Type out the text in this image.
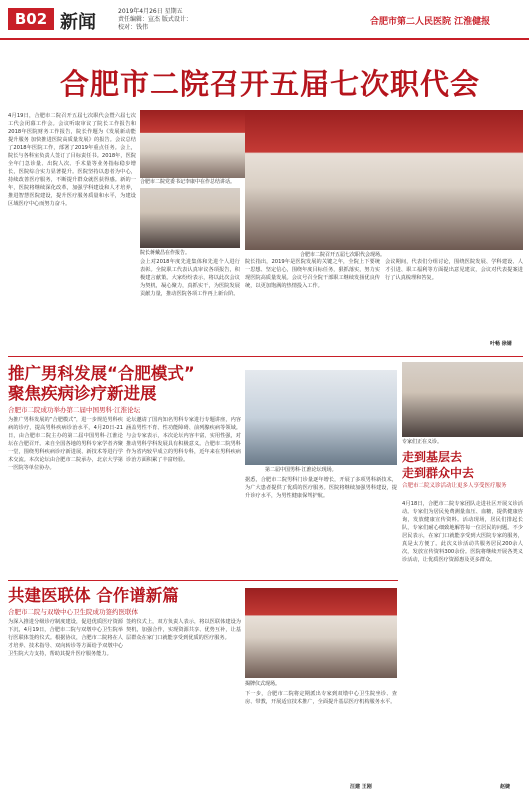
B02 新闻
2019年4月26日 星期五
责任编辑：宣杰 版式设计：
校对：钱伟
合肥市第二人民医院 江淮健报
合肥市二院召开五届七次职代会
4月19日，合肥市二院召开五届七次职代会暨六届七次工代会闭幕工作会。会议听取审议了院长工作报告和2018年医院财务工作报告，院长作题为《发展新动能 提升服务 加快推进医院高质量发展》的报告。会议总结了2018年医院工作，部署了2019年重点任务。会上，院长与各科室负责人签订了目标责任书。2018年，医院全年门急诊量、出院人次、手术量等业务指标稳步增长，医院综合实力显著提升。医院坚持以患者为中心，持续改善医疗服务，不断提升群众就医获得感。新的一年，医院将继续深化改革，加强学科建设和人才培养，推进智慧医院建设，提升医疗服务质量和水平，为建设区域医疗中心而努力奋斗。
合肥市二院党委书记李康中在作总结讲话。
院长蒋戴昌在作报告。	合肥市二院召开五届七次职代会现场。
会上对2018年度先进集体和先进个人进行表彰。全院职工代表认真审议各项报告，积极建言献策。大家纷纷表示，将以此次会议为契机，凝心聚力，真抓实干，为医院发展贡献力量，推动医院各项工作再上新台阶。
院长指出，2019年是医院发展的关键之年，全院上下要统一思想、坚定信心，围绕年度目标任务，狠抓落实，努力实现医院高质量发展。会议号召全院干部职工继续发扬优良传统，以更加饱满的热情投入工作。
会议期间，代表们分组讨论，围绕医院发展、学科建设、人才引进、职工福利等方面提出意见建议，会议对代表提案进行了认真梳理和答复。
叶畅 徐婧
推广男科发展“合肥模式”
聚焦疾病诊疗新进展
合肥市二院成功举办第二届中国男科·江淮论坛
为推广男科发展的“合肥模式”，进一步规范男科疾病的诊疗，提高男科疾病诊治水平，4月20日-21日，由合肥市二院主办的第二届中国男科·江淮论坛在合肥召开。来自全国各地的男科专家学者齐聚一堂，围绕男科疾病诊疗新进展、新技术等进行学术交流。本次论坛由合肥市二院承办，北京大学第一医院等单位协办。
论坛邀请了国内知名男科专家进行专题讲座，内容涵盖男性不育、性功能障碍、前列腺疾病等领域。与会专家表示，本次论坛内容丰富，实用性强，对推动男科学科发展具有积极意义。合肥市二院男科作为省内较早成立的男科专科，近年来在男科疾病诊治方面积累了丰富经验。
第二届中国男科·江淮论坛现场。
据悉，合肥市二院男科门诊量逐年增长，开展了多项男科新技术，为广大患者提供了优质的医疗服务。医院将继续加强男科建设，提升诊疗水平，为男性健康保驾护航。
专家们正在义诊。
走到基层去
走到群众中去
合肥市二院义诊活动让更多人享受医疗服务
4月18日，合肥市二院专家团队走进社区开展义诊活动。专家们为居民免费测量血压、血糖，提供健康咨询，发放健康宣传资料。活动现场，居民们排起长队，专家们耐心细致地解答每一位居民的问题。不少居民表示，在家门口就能享受到大医院专家的服务，真是太方便了。此次义诊活动共服务居民200余人次，发放宣传资料300余份。医院将继续开展各类义诊活动，让优质医疗资源惠及更多群众。
赵婕
共建医联体 合作谱新篇
合肥市二院与双墩中心卫生院成功签约医联体
为深入推进分级诊疗制度建设，促进优质医疗资源下沉，4月19日，合肥市二院与双墩中心卫生院举行医联体签约仪式。根据协议，合肥市二院将在人才培养、技术指导、双向转诊等方面给予双墩中心卫生院大力支持，帮助其提升医疗服务能力。
签约仪式上，双方负责人表示，将以医联体建设为契机，加强合作，实现资源共享、优势互补，让基层群众在家门口就能享受到优质的医疗服务。
揭牌仪式现场。
下一步，合肥市二院将定期派出专家到双墩中心卫生院坐诊、查房、带教，开展适宜技术推广，全面提升基层医疗机构服务水平。
汪建 王刚
